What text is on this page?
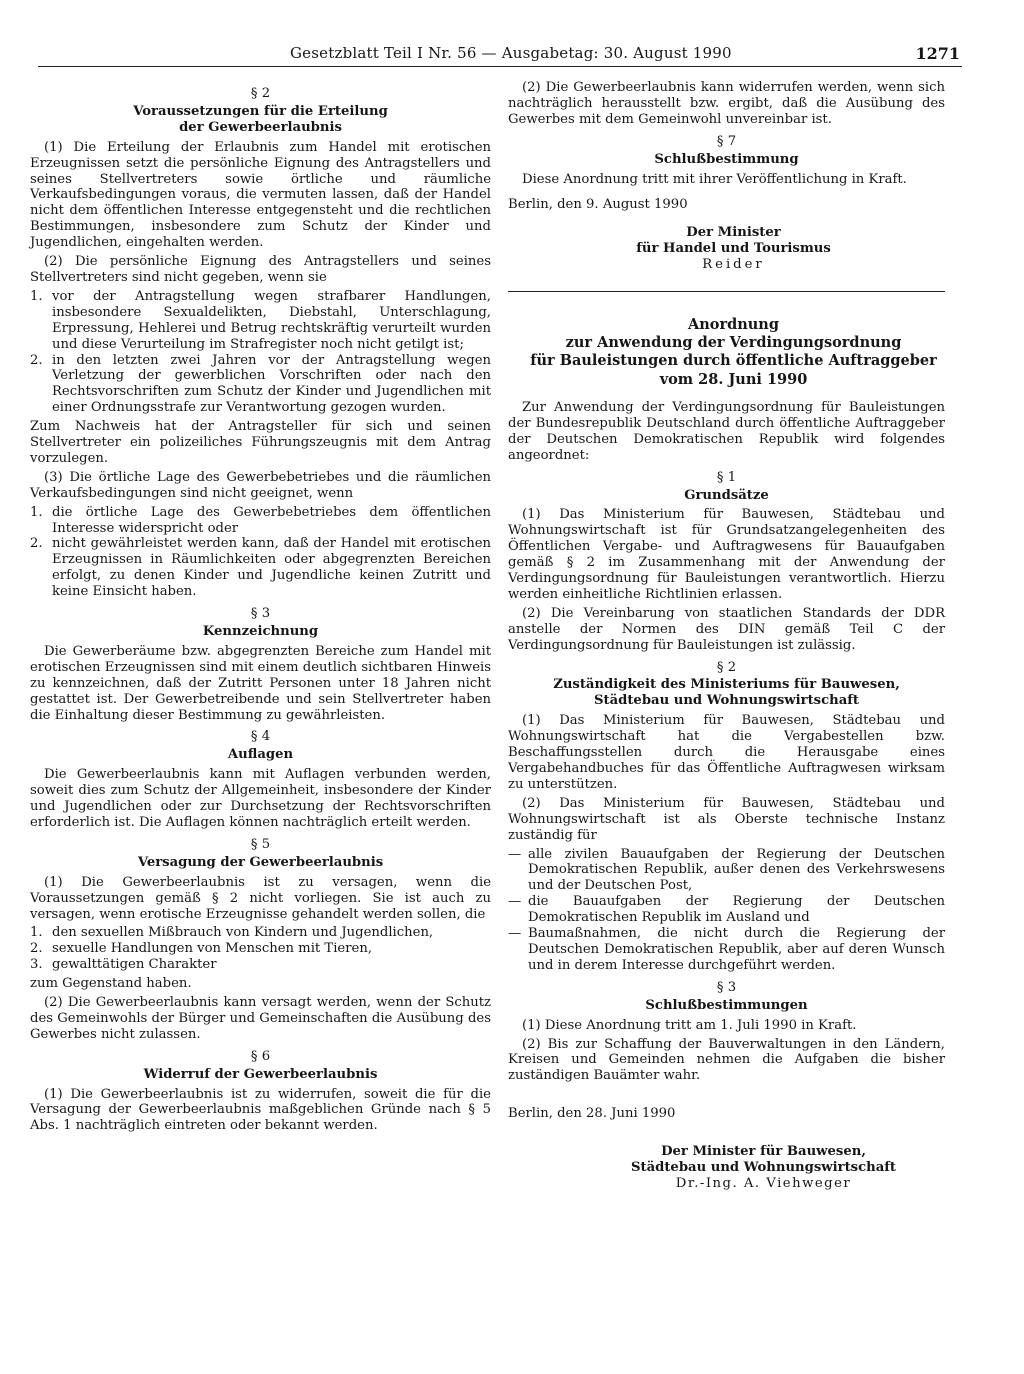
Gesetzblatt Teil I Nr. 56 — Ausgabetag: 30. August 1990	1271
§ 2
Voraussetzungen für die Erteilung
der Gewerbeerlaubnis

(1) Die Erteilung der Erlaubnis zum Handel mit erotischen Erzeugnissen setzt die persönliche Eignung des Antragstellers und seines Stellvertreters sowie örtliche und räumliche Verkaufsbedingungen voraus, die vermuten lassen, daß der Handel nicht dem öffentlichen Interesse entgegensteht und die rechtlichen Bestimmungen, insbesondere zum Schutz der Kinder und Jugendlichen, eingehalten werden.

(2) Die persönliche Eignung des Antragstellers und seines Stellvertreters sind nicht gegeben, wenn sie

1. vor der Antragstellung wegen strafbarer Handlungen, insbesondere Sexualdelikten, Diebstahl, Unterschlagung, Erpressung, Hehlerei und Betrug rechtskräftig verurteilt wurden und diese Verurteilung im Strafregister noch nicht getilgt ist;
2. in den letzten zwei Jahren vor der Antragstellung wegen Verletzung der gewerblichen Vorschriften oder nach den Rechtsvorschriften zum Schutz der Kinder und Jugendlichen mit einer Ordnungsstrafe zur Verantwortung gezogen wurden.

Zum Nachweis hat der Antragsteller für sich und seinen Stellvertreter ein polizeiliches Führungszeugnis mit dem Antrag vorzulegen.

(3) Die örtliche Lage des Gewerbebetriebes und die räumlichen Verkaufsbedingungen sind nicht geeignet, wenn

1. die örtliche Lage des Gewerbebetriebes dem öffentlichen Interesse widerspricht oder
2. nicht gewährleistet werden kann, daß der Handel mit erotischen Erzeugnissen in Räumlichkeiten oder abgegrenzten Bereichen erfolgt, zu denen Kinder und Jugendliche keinen Zutritt und keine Einsicht haben.
§ 3
Kennzeichnung

Die Gewerberäume bzw. abgegrenzten Bereiche zum Handel mit erotischen Erzeugnissen sind mit einem deutlich sichtbaren Hinweis zu kennzeichnen, daß der Zutritt Personen unter 18 Jahren nicht gestattet ist. Der Gewerbetreibende und sein Stellvertreter haben die Einhaltung dieser Bestimmung zu gewährleisten.

§ 4
Auflagen

Die Gewerbeerlaubnis kann mit Auflagen verbunden werden, soweit dies zum Schutz der Allgemeinheit, insbesondere der Kinder und Jugendlichen oder zur Durchsetzung der Rechtsvorschriften erforderlich ist. Die Auflagen können nachträglich erteilt werden.

§ 5
Versagung der Gewerbeerlaubnis

(1) Die Gewerbeerlaubnis ist zu versagen, wenn die Voraussetzungen gemäß § 2 nicht vorliegen. Sie ist auch zu versagen, wenn erotische Erzeugnisse gehandelt werden sollen, die

1. den sexuellen Mißbrauch von Kindern und Jugendlichen,
2. sexuelle Handlungen von Menschen mit Tieren,
3. gewalttätigen Charakter

zum Gegenstand haben.

(2) Die Gewerbeerlaubnis kann versagt werden, wenn der Schutz des Gemeinwohls der Bürger und Gemeinschaften die Ausübung des Gewerbes nicht zulassen.

§ 6
Widerruf der Gewerbeerlaubnis

(1) Die Gewerbeerlaubnis ist zu widerrufen, soweit die für die Versagung der Gewerbeerlaubnis maßgeblichen Gründe nach § 5 Abs. 1 nachträglich eintreten oder bekannt werden.

(2) Die Gewerbeerlaubnis kann widerrufen werden, wenn sich nachträglich herausstellt bzw. ergibt, daß die Ausübung des Gewerbes mit dem Gemeinwohl unvereinbar ist.

§ 7
Schlußbestimmung

Diese Anordnung tritt mit ihrer Veröffentlichung in Kraft.

Berlin, den 9. August 1990

Der Minister

für Handel und Tourismus

Reider

Anordnung

zur Anwendung der Verdingungsordnung

für Bauleistungen durch öffentliche Auftraggeber

vom 28. Juni 1990

Zur Anwendung der Verdingungsordnung für Bauleistungen der Bundesrepublik Deutschland durch öffentliche Auftraggeber der Deutschen Demokratischen Republik wird folgendes angeordnet:

§ 1
Grundsätze

(1) Das Ministerium für Bauwesen, Städtebau und Wohnungswirtschaft ist für Grundsatzangelegenheiten des Öffentlichen Vergabe- und Auftragwesens für Bauaufgaben gemäß § 2 im Zusammenhang mit der Anwendung der Verdingungsordnung für Bauleistungen verantwortlich. Hierzu werden einheitliche Richtlinien erlassen.

(2) Die Vereinbarung von staatlichen Standards der DDR anstelle der Normen des DIN gemäß Teil C der Verdingungsordnung für Bauleistungen ist zulässig.

§ 2
Zuständigkeit des Ministeriums für Bauwesen,
Städtebau und Wohnungswirtschaft

(1) Das Ministerium für Bauwesen, Städtebau und Wohnungswirtschaft hat die Vergabestellen bzw. Beschaffungsstellen durch die Herausgabe eines Vergabehandbuches für das Öffentliche Auftragwesen wirksam zu unterstützen.

(2) Das Ministerium für Bauwesen, Städtebau und Wohnungswirtschaft ist als Oberste technische Instanz zuständig für

— alle zivilen Bauaufgaben der Regierung der Deutschen Demokratischen Republik, außer denen des Verkehrswesens und der Deutschen Post,
— die Bauaufgaben der Regierung der Deutschen Demokratischen Republik im Ausland und
— Baumaßnahmen, die nicht durch die Regierung der Deutschen Demokratischen Republik, aber auf deren Wunsch und in derem Interesse durchgeführt werden.
§ 3
Schlußbestimmungen

(1) Diese Anordnung tritt am 1. Juli 1990 in Kraft.

(2) Bis zur Schaffung der Bauverwaltungen in den Ländern, Kreisen und Gemeinden nehmen die Aufgaben die bisher zuständigen Bauämter wahr.

Berlin, den 28. Juni 1990

Der Minister für Bauwesen,

Städtebau und Wohnungswirtschaft

Dr.-Ing. A. Viehweger
